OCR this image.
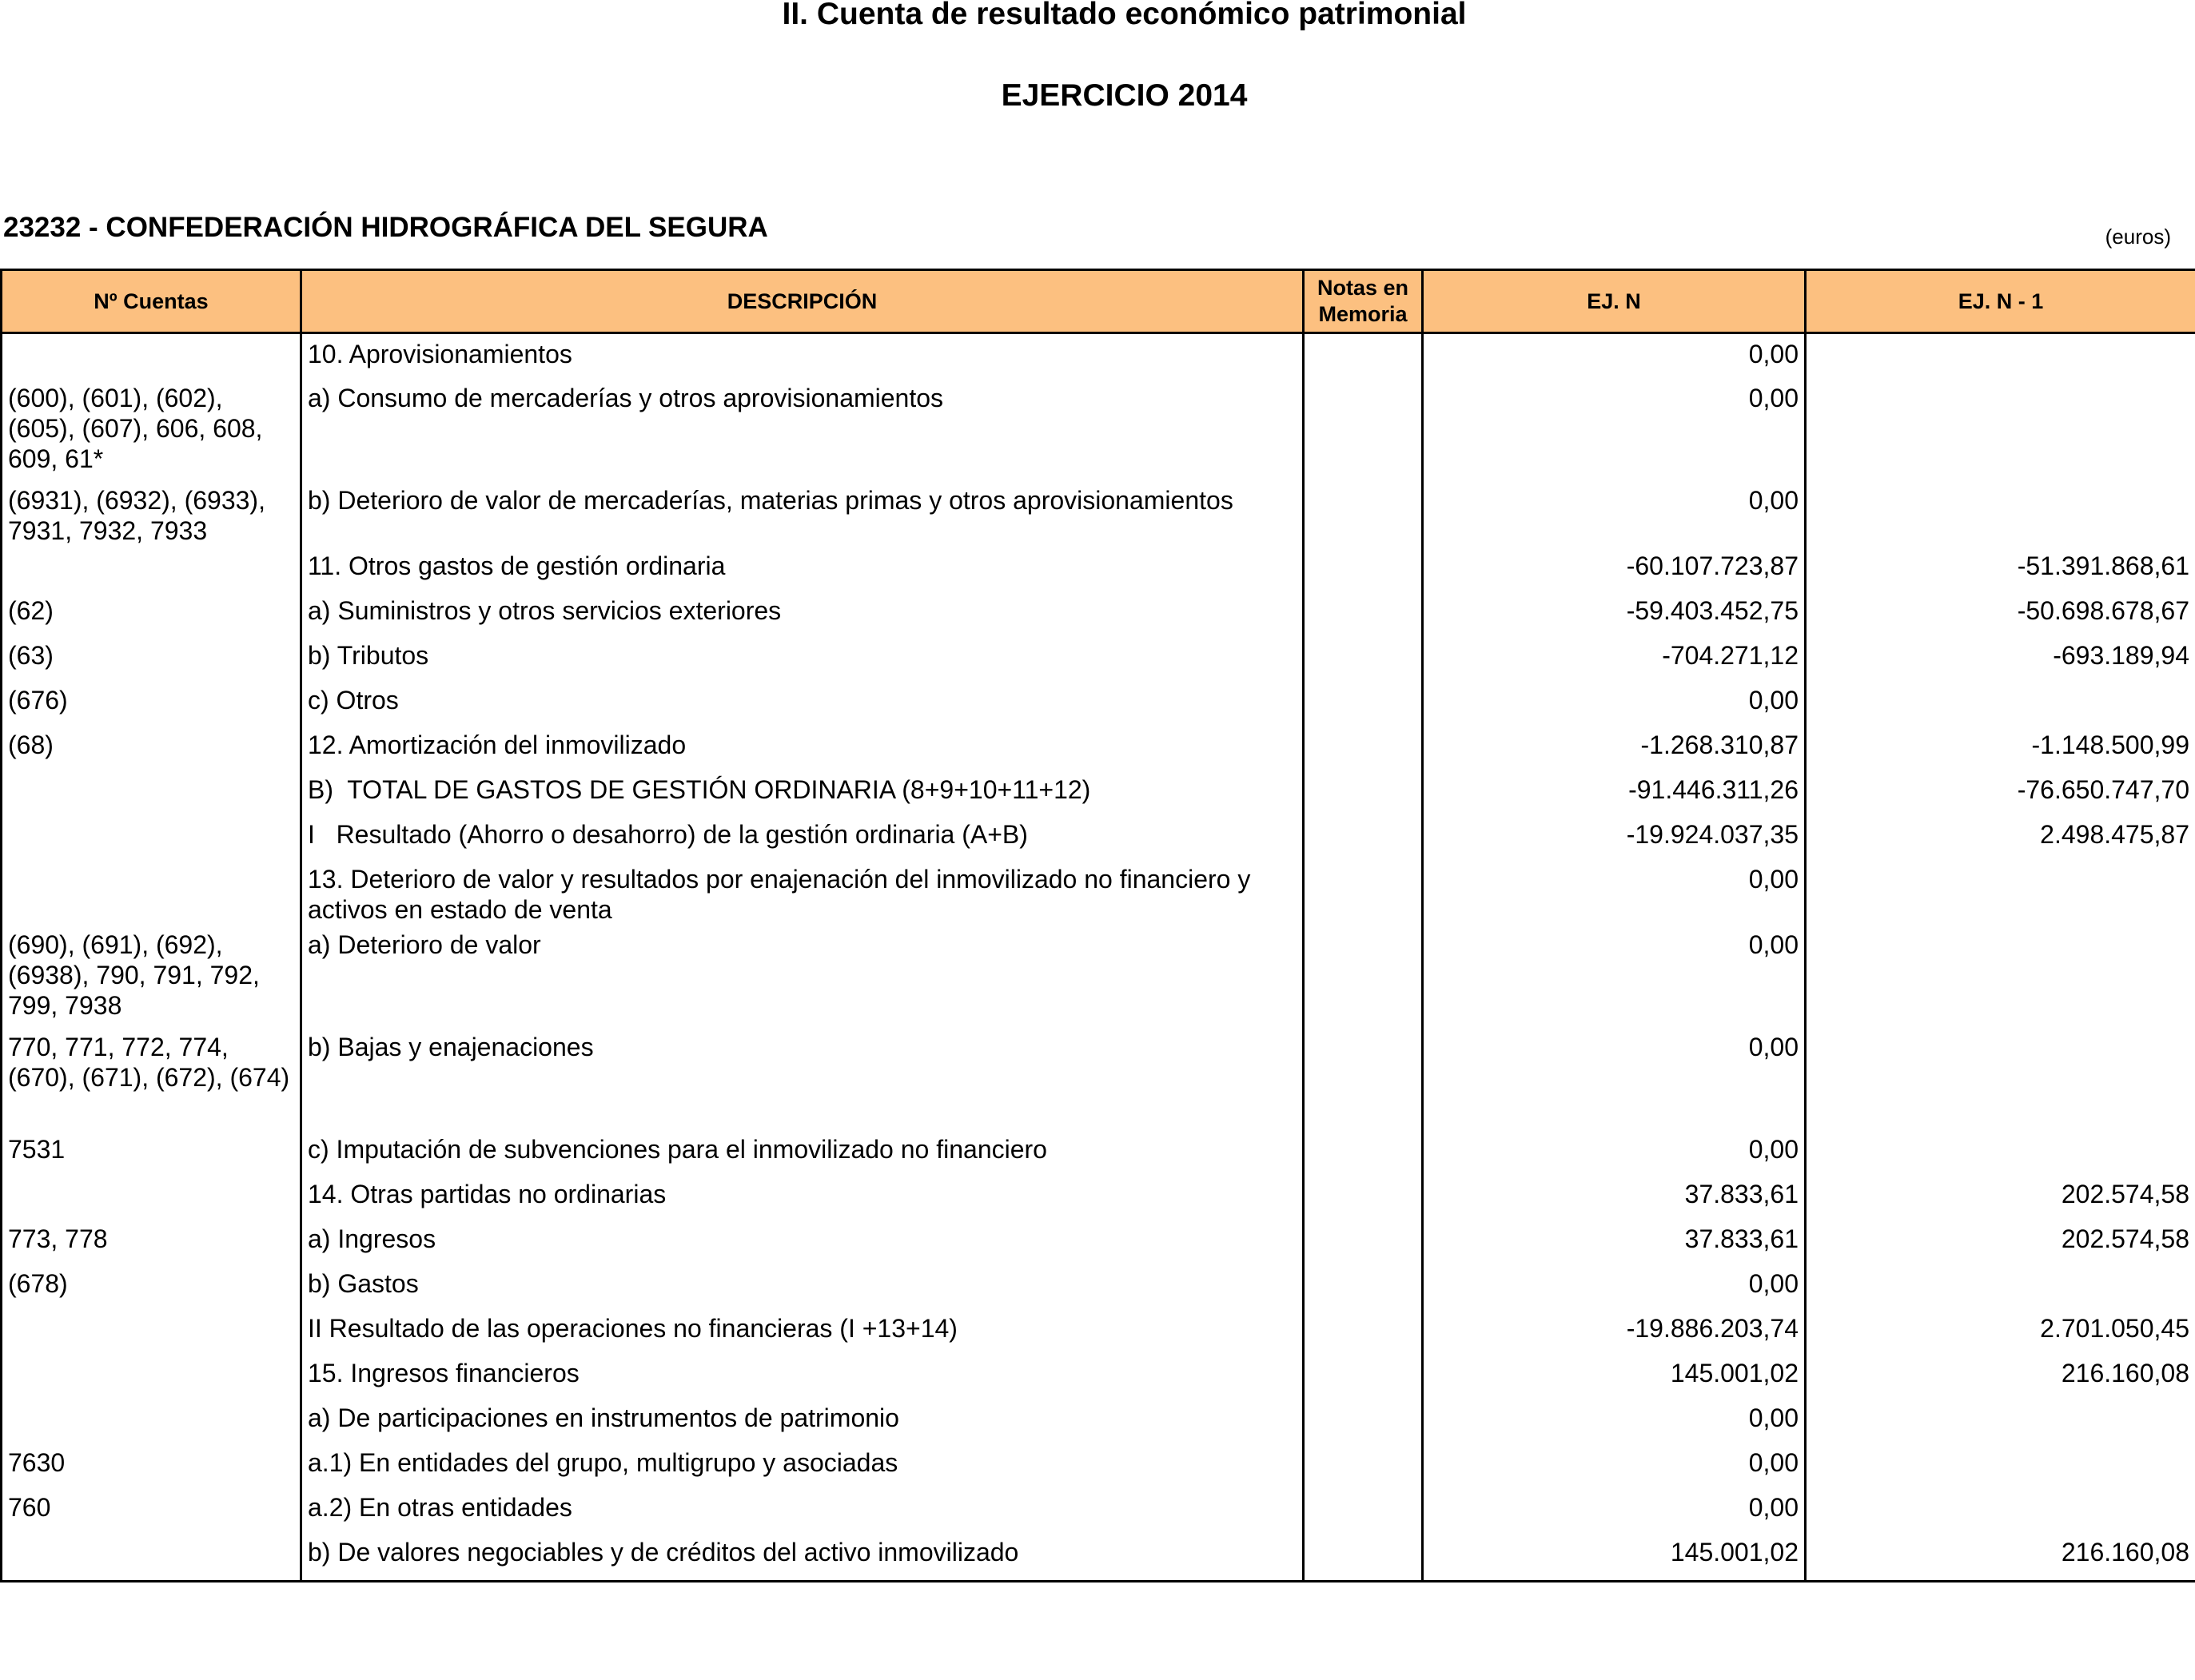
II. Cuenta de resultado económico patrimonial
EJERCICIO 2014
23232 - CONFEDERACIÓN HIDROGRÁFICA DEL SEGURA	(euros)
Nº Cuentas	DESCRIPCIÓN	Notas en Memoria	EJ. N	EJ. N - 1
	10. Aprovisionamientos		0,00	
(600), (601), (602), (605), (607), 606, 608, 609, 61*	a) Consumo de mercaderías y otros aprovisionamientos		0,00	
(6931), (6932), (6933), 7931, 7932, 7933	b) Deterioro de valor de mercaderías, materias primas y otros aprovisionamientos		0,00	
	11. Otros gastos de gestión ordinaria		-60.107.723,87	-51.391.868,61
(62)	a) Suministros y otros servicios exteriores		-59.403.452,75	-50.698.678,67
(63)	b) Tributos		-704.271,12	-693.189,94
(676)	c) Otros		0,00	
(68)	12. Amortización del inmovilizado		-1.268.310,87	-1.148.500,99
	B)  TOTAL DE GASTOS DE GESTIÓN ORDINARIA (8+9+10+11+12)		-91.446.311,26	-76.650.747,70
	I   Resultado (Ahorro o desahorro) de la gestión ordinaria (A+B)		-19.924.037,35	2.498.475,87
	13. Deterioro de valor y resultados por enajenación del inmovilizado no financiero y activos en estado de venta		0,00	
(690), (691), (692), (6938), 790, 791, 792, 799, 7938	a) Deterioro de valor		0,00	
770, 771, 772, 774, (670), (671), (672), (674)	b) Bajas y enajenaciones		0,00	
7531	c) Imputación de subvenciones para el inmovilizado no financiero		0,00	
	14. Otras partidas no ordinarias		37.833,61	202.574,58
773, 778	a) Ingresos		37.833,61	202.574,58
(678)	b) Gastos		0,00	
	II Resultado de las operaciones no financieras (I +13+14)		-19.886.203,74	2.701.050,45
	15. Ingresos financieros		145.001,02	216.160,08
	a) De participaciones en instrumentos de patrimonio		0,00	
7630	a.1) En entidades del grupo, multigrupo y asociadas		0,00	
760	a.2) En otras entidades		0,00	
	b) De valores negociables y de créditos del activo inmovilizado		145.001,02	216.160,08
